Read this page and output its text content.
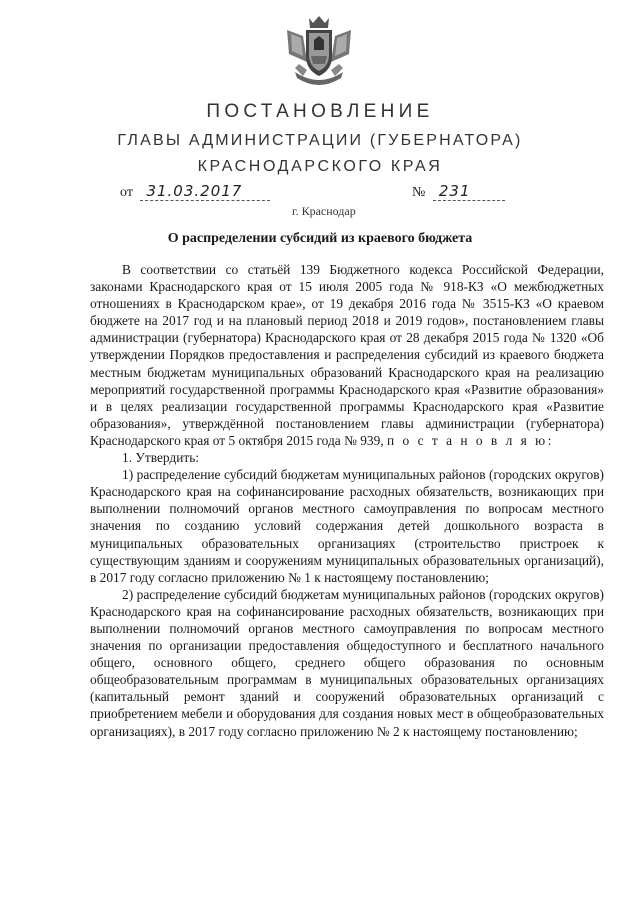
ПОСТАНОВЛЕНИЕ
ГЛАВЫ АДМИНИСТРАЦИИ (ГУБЕРНАТОРА)
КРАСНОДАРСКОГО КРАЯ
от 31.03.2017	№ 231
г. Краснодар
О распределении субсидий из краевого бюджета

В соответствии со статьёй 139 Бюджетного кодекса Российской Федерации, законами Краснодарского края от 15 июля 2005 года № 918-КЗ «О межбюджетных отношениях в Краснодарском крае», от 19 декабря 2016 года № 3515-КЗ «О краевом бюджете на 2017 год и на плановый период 2018 и 2019 годов», постановлением главы администрации (губернатора) Краснодарского края от 28 декабря 2015 года № 1320 «Об утверждении Порядков предоставления и распределения субсидий из краевого бюджета местным бюджетам муниципальных образований Краснодарского края на реализацию мероприятий государственной программы Краснодарского края «Развитие образования» и в целях реализации государственной программы Краснодарского края «Развитие образования», утверждённой постановлением главы администрации (губернатора) Краснодарского края от 5 октября 2015 года № 939, п о с т а н о в л я ю:

1. Утвердить:

1) распределение субсидий бюджетам муниципальных районов (городских округов) Краснодарского края на софинансирование расходных обязательств, возникающих при выполнении полномочий органов местного самоуправления по вопросам местного значения по созданию условий содержания детей дошкольного возраста в муниципальных образовательных организациях (строительство пристроек к существующим зданиям и сооружениям муниципальных образовательных организаций), в 2017 году согласно приложению № 1 к настоящему постановлению;

2) распределение субсидий бюджетам муниципальных районов (городских округов) Краснодарского края на софинансирование расходных обязательств, возникающих при выполнении полномочий органов местного самоуправления по вопросам местного значения по организации предоставления общедоступного и бесплатного начального общего, основного общего, среднего общего образования по основным общеобразовательным программам в муниципальных образовательных организациях (капитальный ремонт зданий и сооружений образовательных организаций с приобретением мебели и оборудования для создания новых мест в общеобразовательных организациях), в 2017 году согласно приложению № 2 к настоящему постановлению;
